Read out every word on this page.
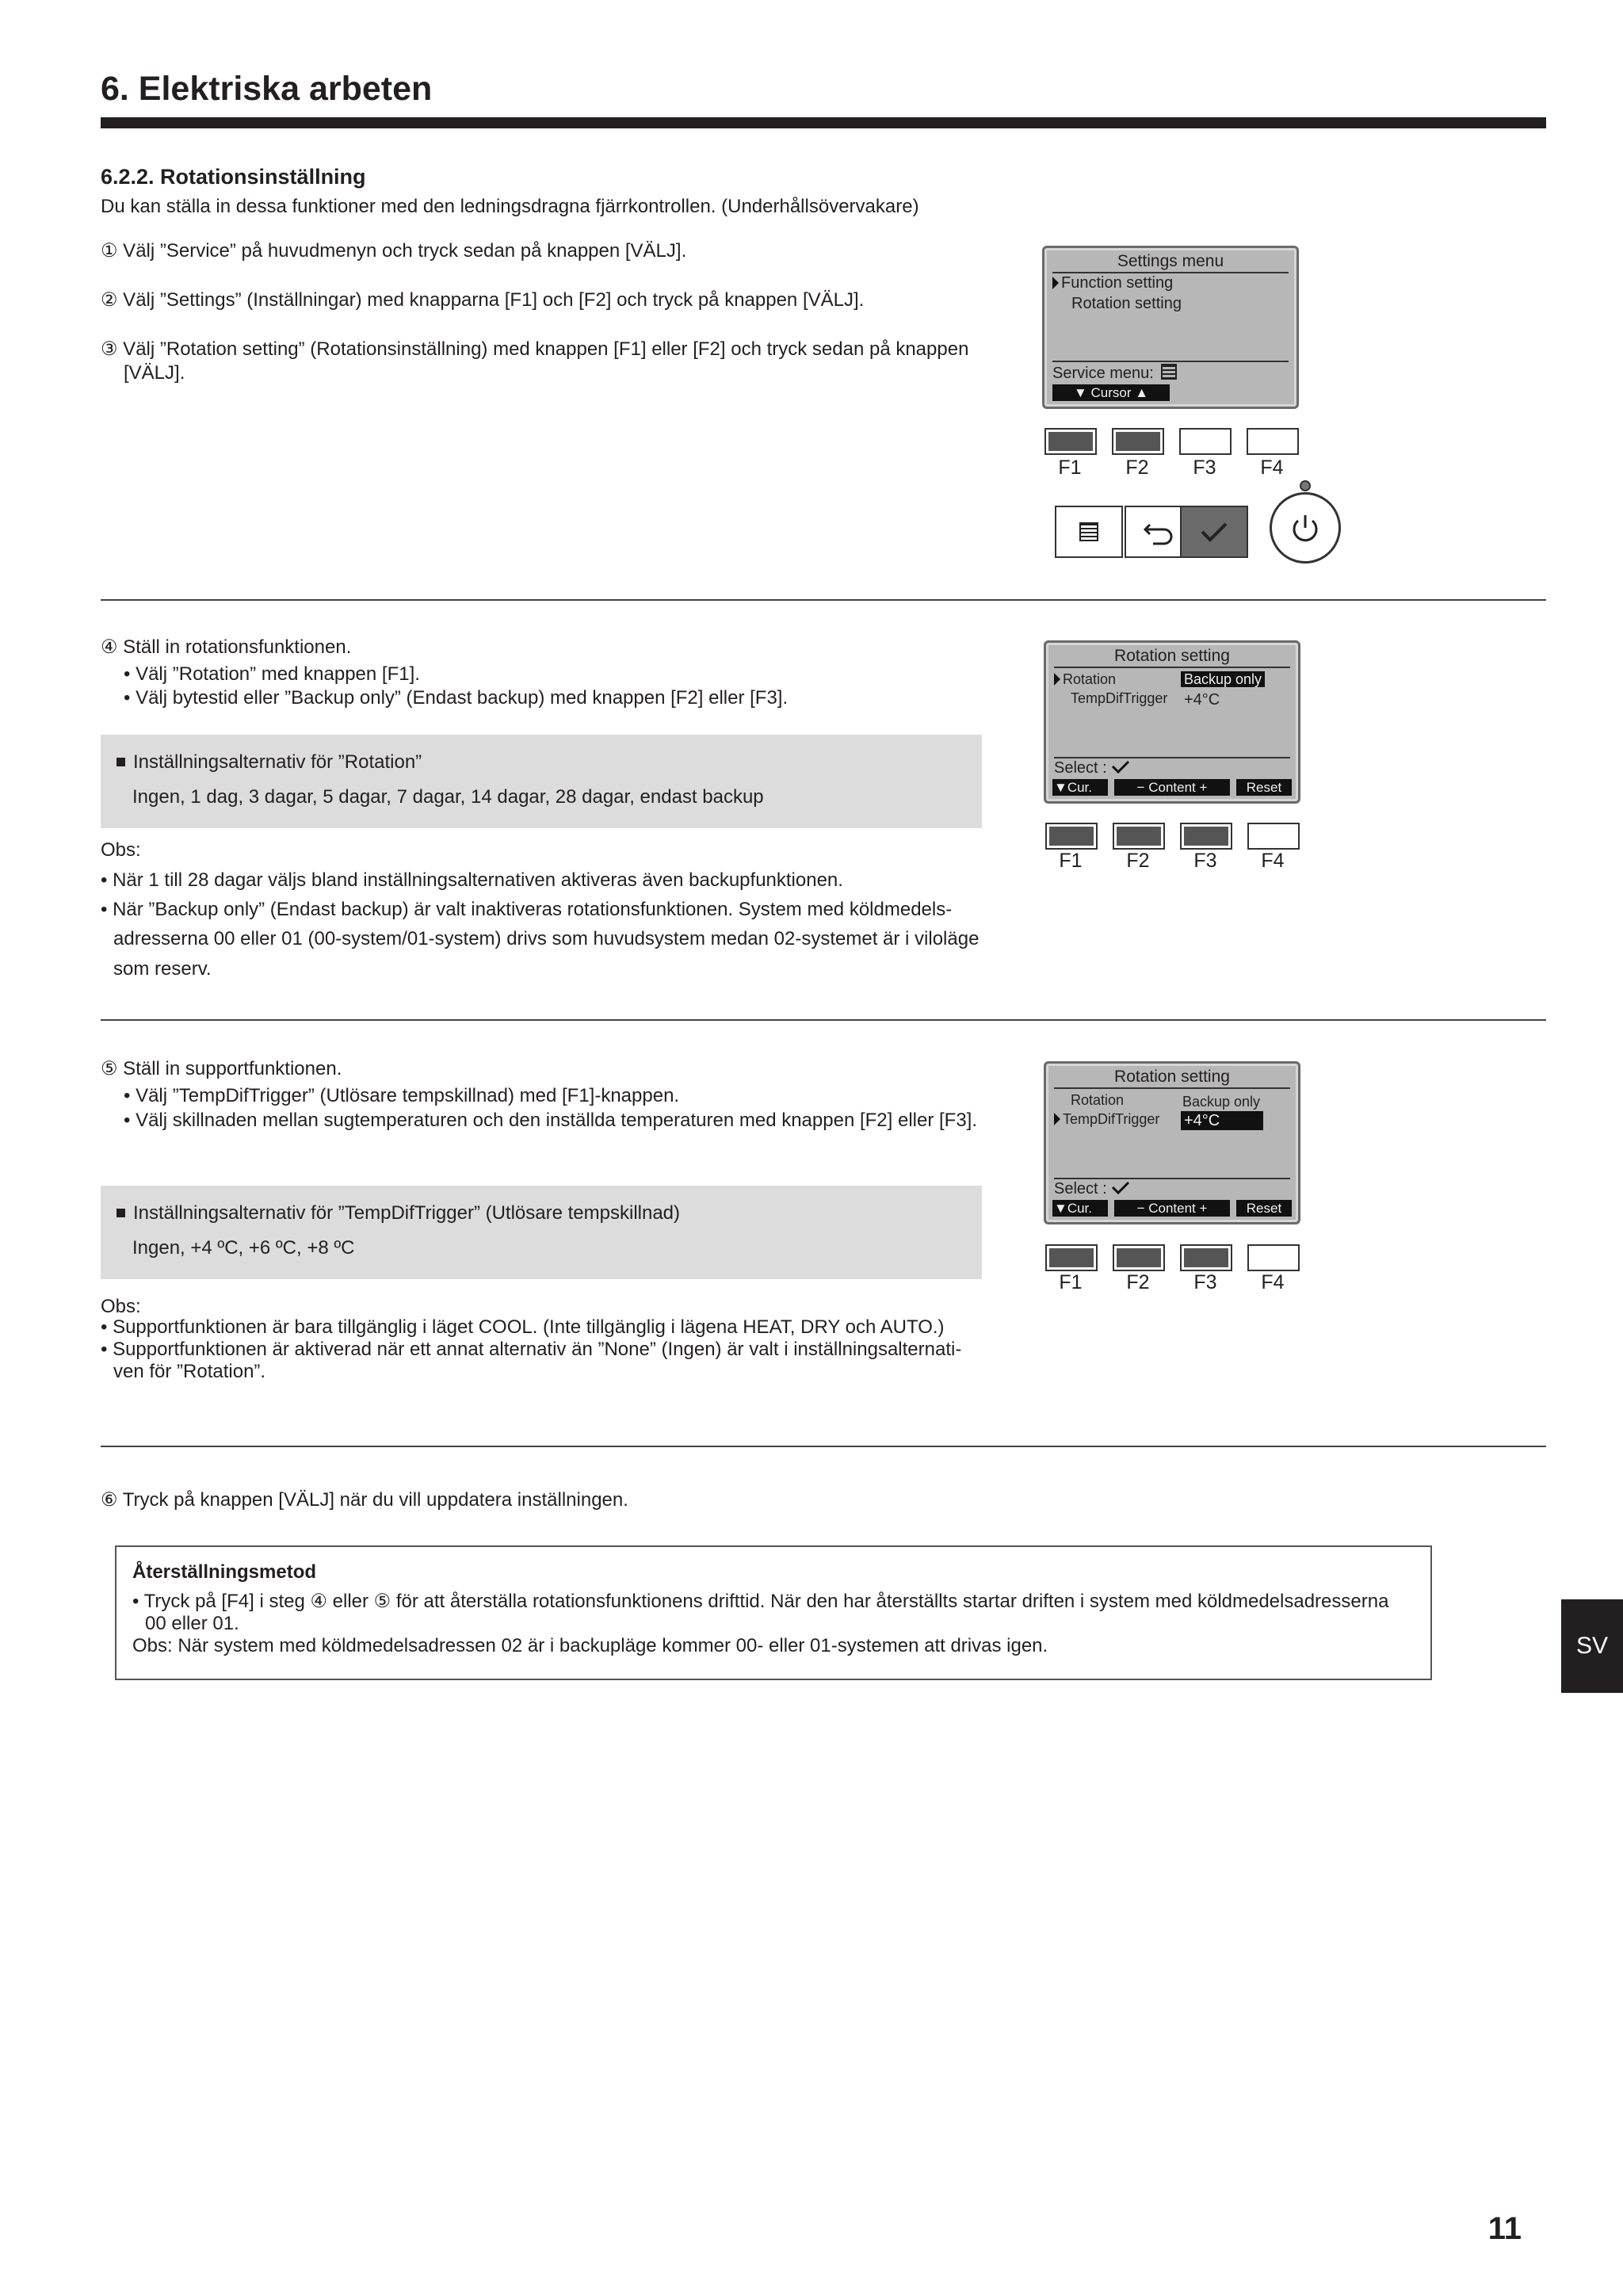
6. Elektriska arbeten
6.2.2. Rotationsinställning
Du kan ställa in dessa funktioner med den ledningsdragna fjärrkontrollen. (Underhållsövervakare)
① Välj ”Service” på huvudmenyn och tryck sedan på knappen [VÄLJ].
② Välj ”Settings” (Inställningar) med knapparna [F1] och [F2] och tryck på knappen [VÄLJ].
③ Välj ”Rotation setting” (Rotationsinställning) med knappen [F1] eller [F2] och tryck sedan på knappen
[VÄLJ].
Settings menu
Function setting
Rotation setting
Service menu:
▼ Cursor ▲
F1	F2	F3	F4
④ Ställ in rotationsfunktionen.
• Välj ”Rotation” med knappen [F1].
• Välj bytestid eller ”Backup only” (Endast backup) med knappen [F2] eller [F3].
Inställningsalternativ för ”Rotation”
Ingen, 1 dag, 3 dagar, 5 dagar, 7 dagar, 14 dagar, 28 dagar, endast backup
Obs:
• När 1 till 28 dagar väljs bland inställningsalternativen aktiveras även backupfunktionen.
• När ”Backup only” (Endast backup) är valt inaktiveras rotationsfunktionen. System med köldmedels-
adresserna 00 eller 01 (00-system/01-system) drivs som huvudsystem medan 02-systemet är i viloläge
som reserv.
Rotation setting
Rotation	Backup only
TempDifTrigger +4°C
Select :
▼Cur.	− Content +	Reset
F1	F2	F3	F4
⑤ Ställ in supportfunktionen.
• Välj ”TempDifTrigger” (Utlösare tempskillnad) med [F1]-knappen.
• Välj skillnaden mellan sugtemperaturen och den inställda temperaturen med knappen [F2] eller [F3].
Inställningsalternativ för ”TempDifTrigger” (Utlösare tempskillnad)
Ingen, +4 ºC, +6 ºC, +8 ºC
Obs:
• Supportfunktionen är bara tillgänglig i läget COOL. (Inte tillgänglig i lägena HEAT, DRY och AUTO.)
• Supportfunktionen är aktiverad när ett annat alternativ än ”None” (Ingen) är valt i inställningsalternati-
ven för ”Rotation”.
Rotation setting
Rotation	Backup only
TempDifTrigger +4°C
Select :
▼Cur.	− Content +	Reset
F1	F2	F3	F4
⑥ Tryck på knappen [VÄLJ] när du vill uppdatera inställningen.
Återställningsmetod
• Tryck på [F4] i steg ④ eller ⑤ för att återställa rotationsfunktionens drifttid. När den har återställts startar driften i system med köldmedelsadresserna
00 eller 01.
Obs: När system med köldmedelsadressen 02 är i backupläge kommer 00- eller 01-systemen att drivas igen.	SV
11
